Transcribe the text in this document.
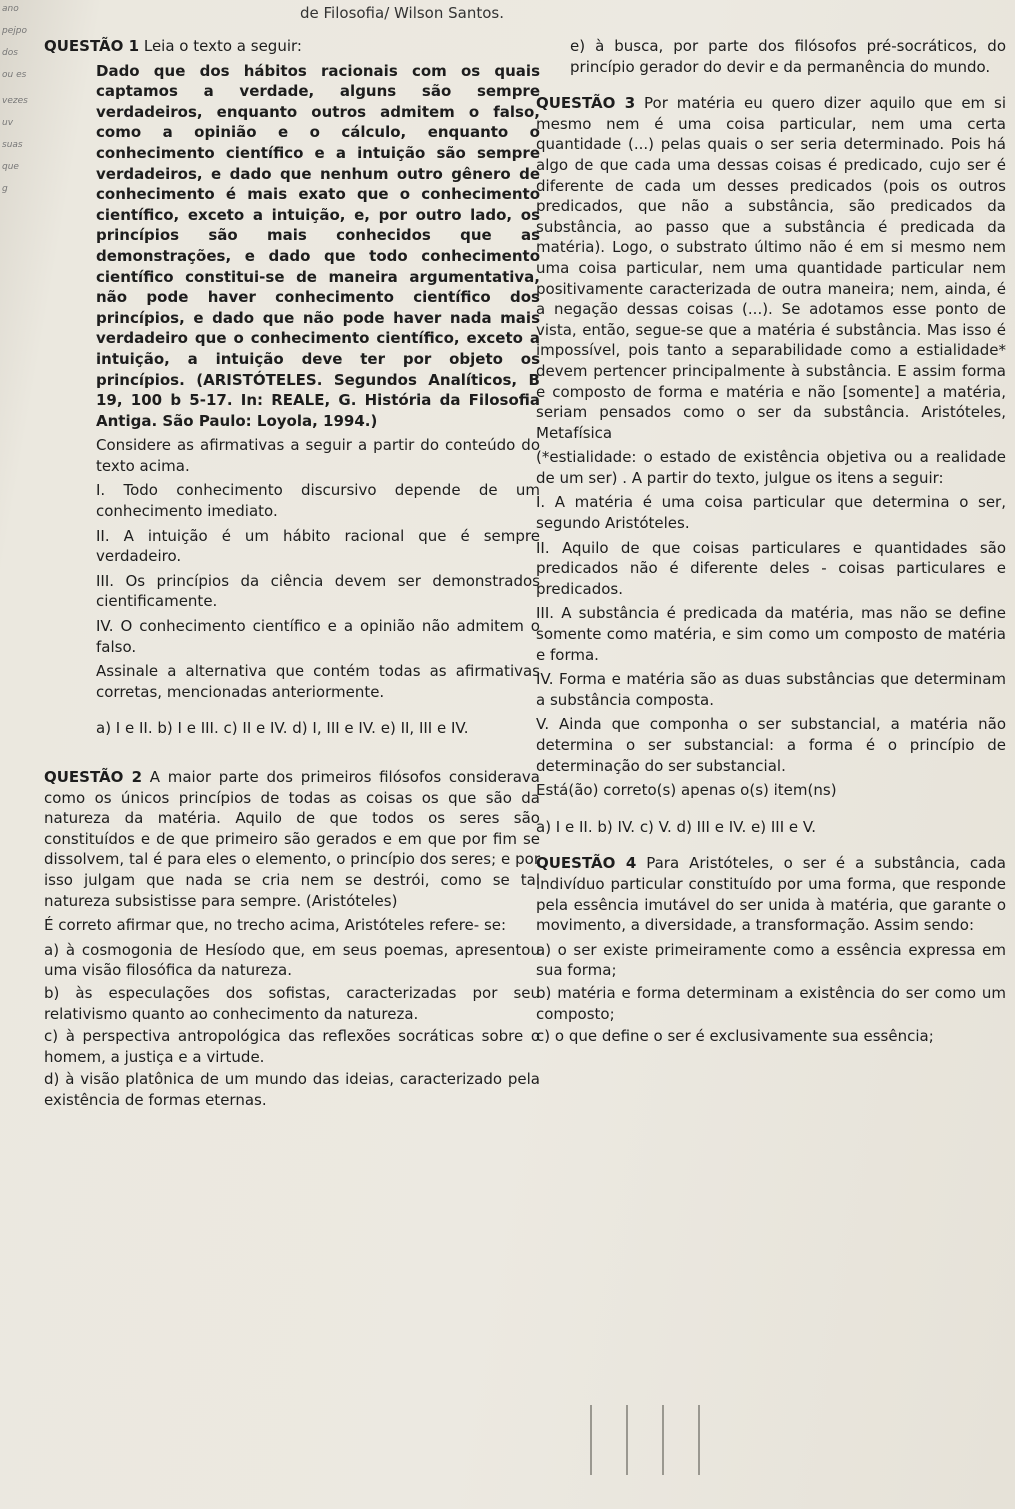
de Filosofia/ Wilson Santos.
ano
pejpo
dos
ou es
vezes
uv
suas
que
g

QUESTÃO 1 Leia o texto a seguir:

Dado que dos hábitos racionais com os quais captamos a verdade, alguns são sempre verdadeiros, enquanto outros admitem o falso, como a opinião e o cálculo, enquanto o conhecimento científico e a intuição são sempre verdadeiros, e dado que nenhum outro gênero de conhecimento é mais exato que o conhecimento científico, exceto a intuição, e, por outro lado, os princípios são mais conhecidos que as demonstrações, e dado que todo conhecimento científico constitui-se de maneira argumentativa, não pode haver conhecimento científico dos princípios, e dado que não pode haver nada mais verdadeiro que o conhecimento científico, exceto a intuição, a intuição deve ter por objeto os princípios. (ARISTÓTELES. Segundos Analíticos, B 19, 100 b 5-17. In: REALE, G. História da Filosofia Antiga. São Paulo: Loyola, 1994.)

Considere as afirmativas a seguir a partir do conteúdo do texto acima.

I. Todo conhecimento discursivo depende de um conhecimento imediato.

II. A intuição é um hábito racional que é sempre verdadeiro.

III. Os princípios da ciência devem ser demonstrados cientificamente.

IV. O conhecimento científico e a opinião não admitem o falso.

Assinale a alternativa que contém todas as afirmativas corretas, mencionadas anteriormente.

a) I e II. b) I e III. c) II e IV. d) I, III e IV. e) II, III e IV.

QUESTÃO 2 A maior parte dos primeiros filósofos considerava como os únicos princípios de todas as coisas os que são da natureza da matéria. Aquilo de que todos os seres são constituídos e de que primeiro são gerados e em que por fim se dissolvem, tal é para eles o elemento, o princípio dos seres; e por isso julgam que nada se cria nem se destrói, como se tal natureza subsistisse para sempre. (Aristóteles)

É correto afirmar que, no trecho acima, Aristóteles refere- se:

a) à cosmogonia de Hesíodo que, em seus poemas, apresentou uma visão filosófica da natureza.

b) às especulações dos sofistas, caracterizadas por seu relativismo quanto ao conhecimento da natureza.

c) à perspectiva antropológica das reflexões socráticas sobre o homem, a justiça e a virtude.

d) à visão platônica de um mundo das ideias, caracterizado pela existência de formas eternas.

e) à busca, por parte dos filósofos pré-socráticos, do princípio gerador do devir e da permanência do mundo.

QUESTÃO 3 Por matéria eu quero dizer aquilo que em si mesmo nem é uma coisa particular, nem uma certa quantidade (...) pelas quais o ser seria determinado. Pois há algo de que cada uma dessas coisas é predicado, cujo ser é diferente de cada um desses predicados (pois os outros predicados, que não a substância, são predicados da substância, ao passo que a substância é predicada da matéria). Logo, o substrato último não é em si mesmo nem uma coisa particular, nem uma quantidade particular nem positivamente caracterizada de outra maneira; nem, ainda, é a negação dessas coisas (...). Se adotamos esse ponto de vista, então, segue-se que a matéria é substância. Mas isso é impossível, pois tanto a separabilidade como a estialidade* devem pertencer principalmente à substância. E assim forma e composto de forma e matéria e não [somente] a matéria, seriam pensados como o ser da substância. Aristóteles, Metafísica

(*estialidade: o estado de existência objetiva ou a realidade de um ser) . A partir do texto, julgue os itens a seguir:

I. A matéria é uma coisa particular que determina o ser, segundo Aristóteles.

II. Aquilo de que coisas particulares e quantidades são predicados não é diferente deles - coisas particulares e predicados.

III. A substância é predicada da matéria, mas não se define somente como matéria, e sim como um composto de matéria e forma.

IV. Forma e matéria são as duas substâncias que determinam a substância composta.

V. Ainda que componha o ser substancial, a matéria não determina o ser substancial: a forma é o princípio de determinação do ser substancial.

Está(ão) correto(s) apenas o(s) item(ns)

a) I e II. b) IV. c) V. d) III e IV. e) III e V.

QUESTÃO 4 Para Aristóteles, o ser é a substância, cada indivíduo particular constituído por uma forma, que responde pela essência imutável do ser unida à matéria, que garante o movimento, a diversidade, a transformação. Assim sendo:

a) o ser existe primeiramente como a essência expressa em sua forma;

b) matéria e forma determinam a existência do ser como um composto;

c) o que define o ser é exclusivamente sua essência;
